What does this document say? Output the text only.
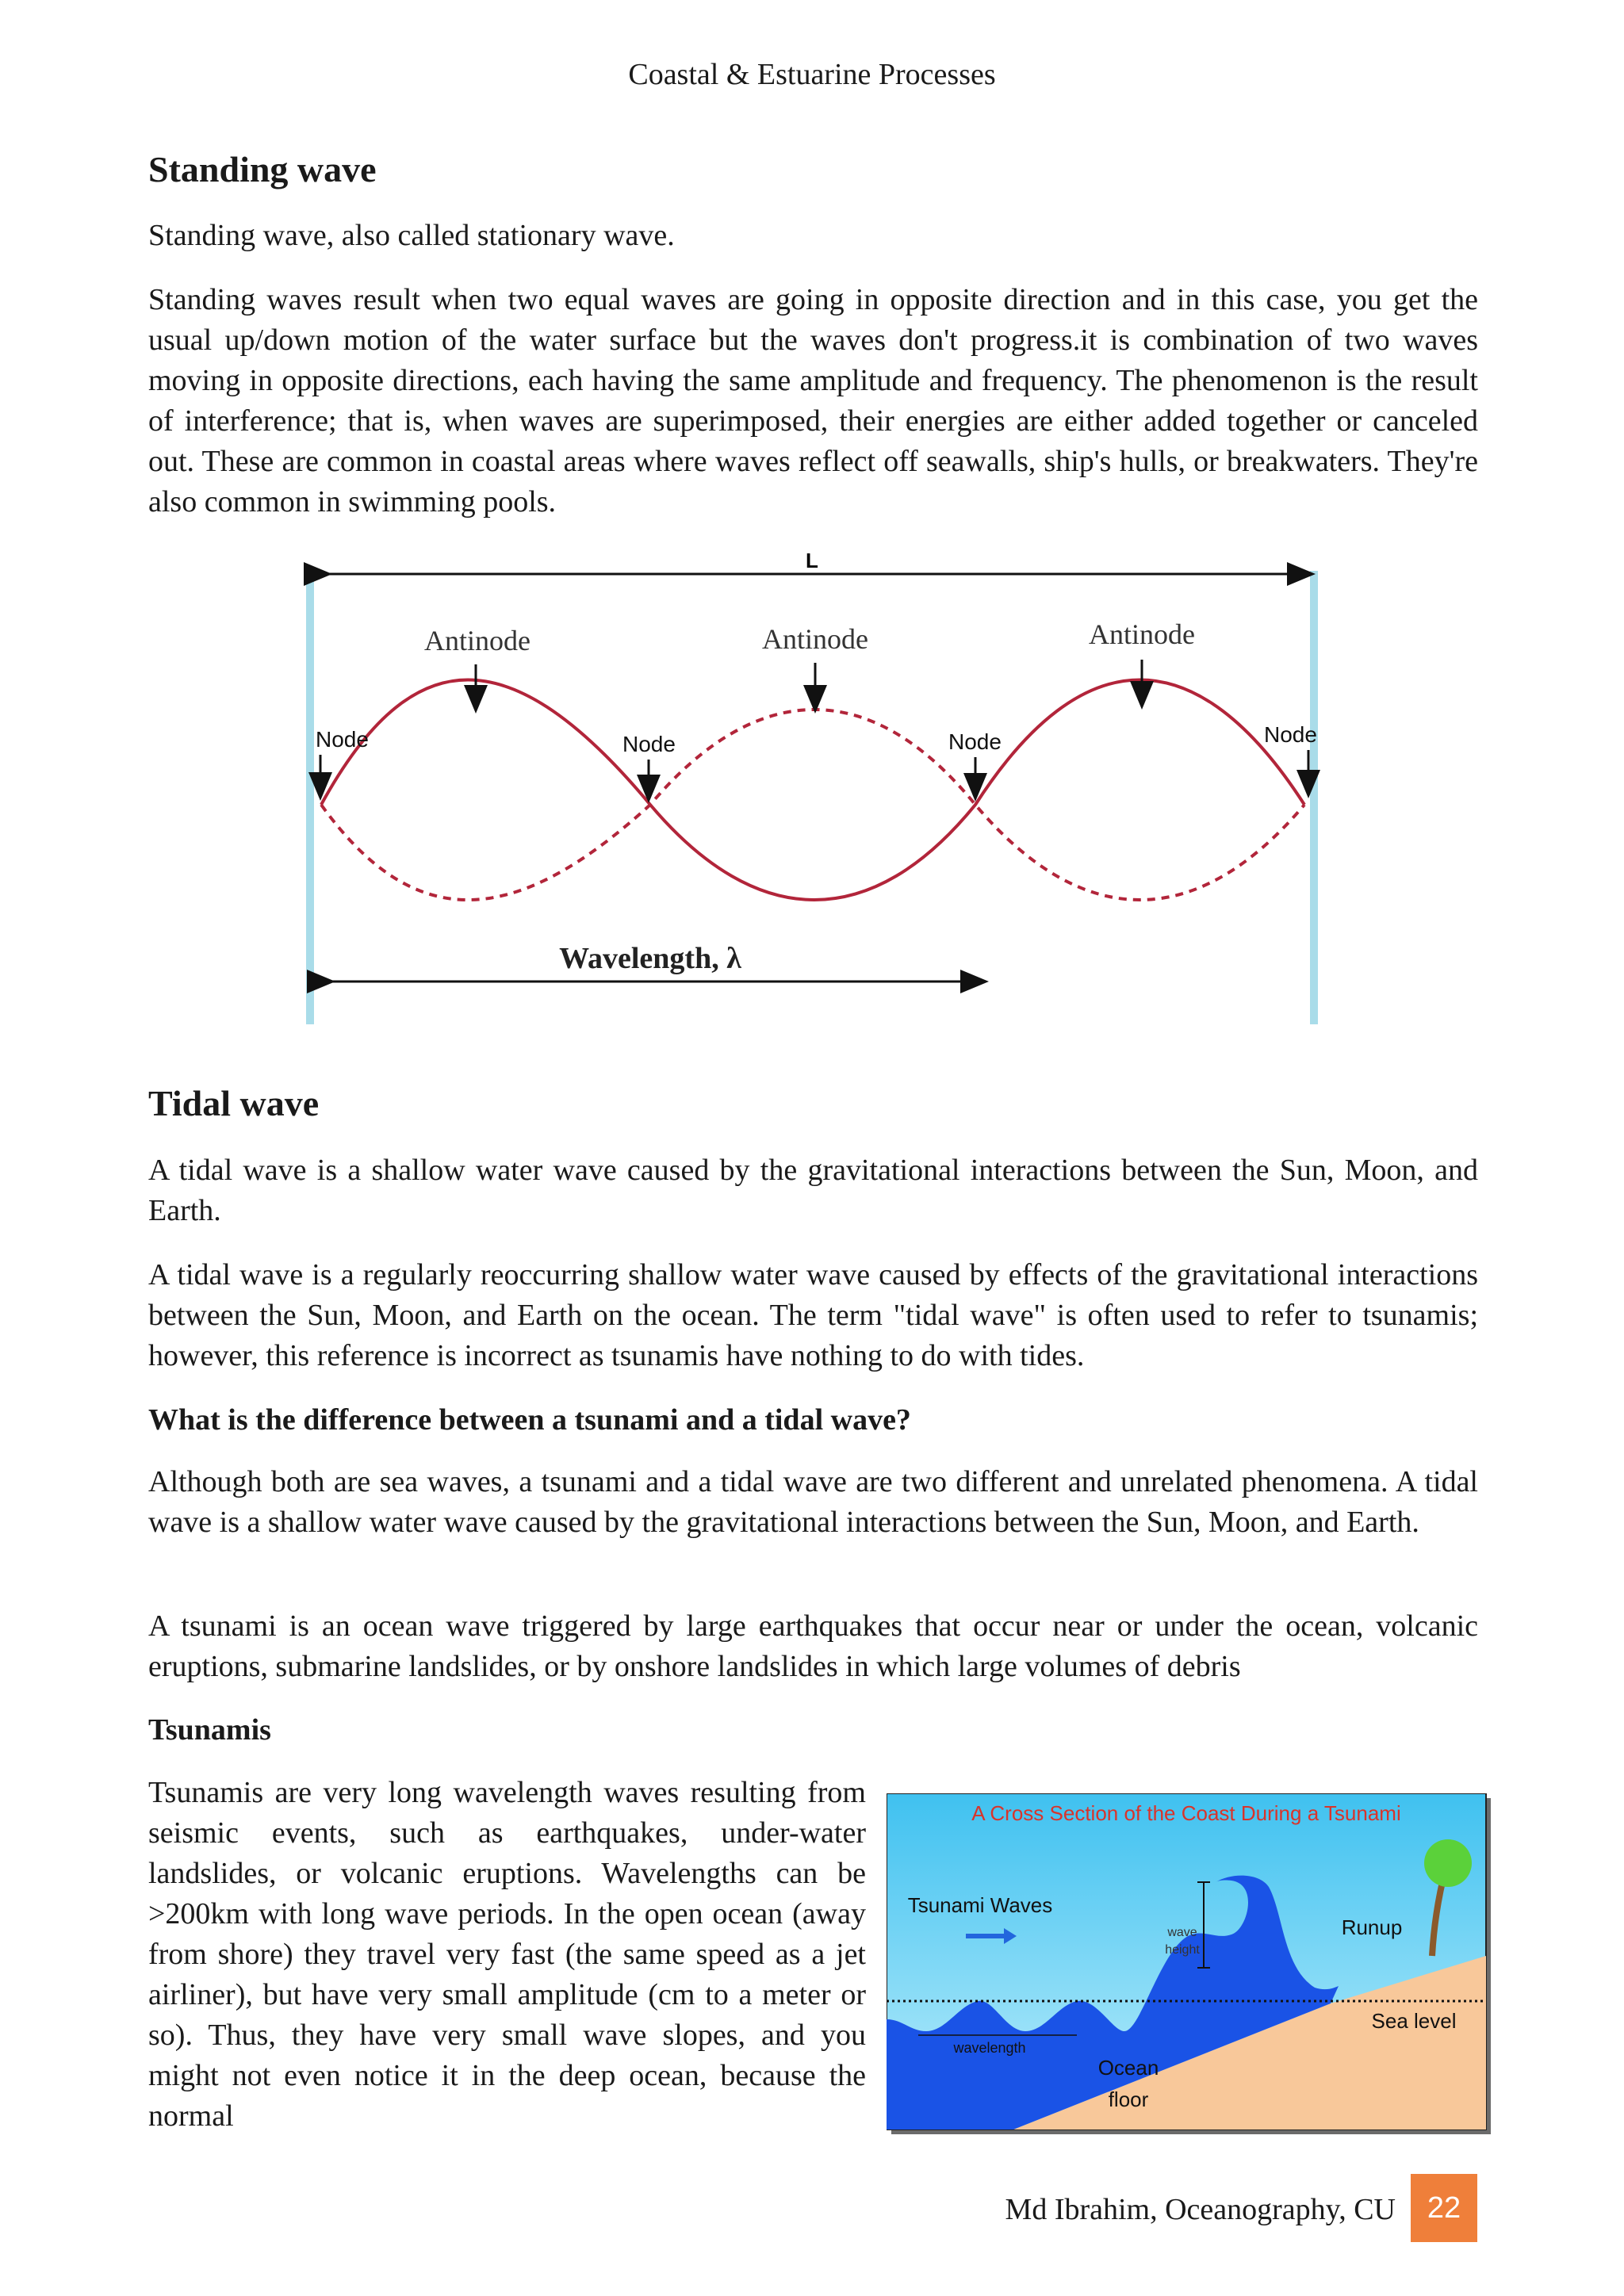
Coastal & Estuarine Processes
Standing wave

Standing wave, also called stationary wave.

Standing waves result when two equal waves are going in opposite direction and in this case, you get the usual up/down motion of the water surface but the waves don't progress.it is combination of two waves moving in opposite directions, each having the same amplitude and frequency. The phenomenon is the result of interference; that is, when waves are superimposed, their energies are either added together or canceled out. These are common in coastal areas where waves reflect off seawalls, ship's hulls, or breakwaters. They're also common in swimming pools.

L
Antinode	Antinode	Antinode
Node	Node	Node	Node
Wavelength, λ
Tidal wave

A tidal wave is a shallow water wave caused by the gravitational interactions between the Sun, Moon, and Earth.

A tidal wave is a regularly reoccurring shallow water wave caused by effects of the gravitational interactions between the Sun, Moon, and Earth on the ocean. The term "tidal wave" is often used to refer to tsunamis; however, this reference is incorrect as tsunamis have nothing to do with tides.

What is the difference between a tsunami and a tidal wave?

Although both are sea waves, a tsunami and a tidal wave are two different and unrelated phenomena. A tidal wave is a shallow water wave caused by the gravitational interactions between the Sun, Moon, and Earth.

A tsunami is an ocean wave triggered by large earthquakes that occur near or under the ocean, volcanic eruptions, submarine landslides, or by onshore landslides in which large volumes of debris

Tsunamis

Tsunamis are very long wavelength waves resulting from seismic events, such as earthquakes, under-water landslides, or volcanic eruptions. Wavelengths can be >200km with long wave periods. In the open ocean (away from shore) they travel very fast (the same speed as a jet airliner), but have very small amplitude (cm to a meter or so). Thus, they have very small wave slopes, and you might not even notice it in the deep ocean, because the normal

A Cross Section of the Coast During a Tsunami
Tsunami Waves
wave
height
Runup
Sea level
wavelength
Ocean
floor
Md Ibrahim, Oceanography, CU	22
